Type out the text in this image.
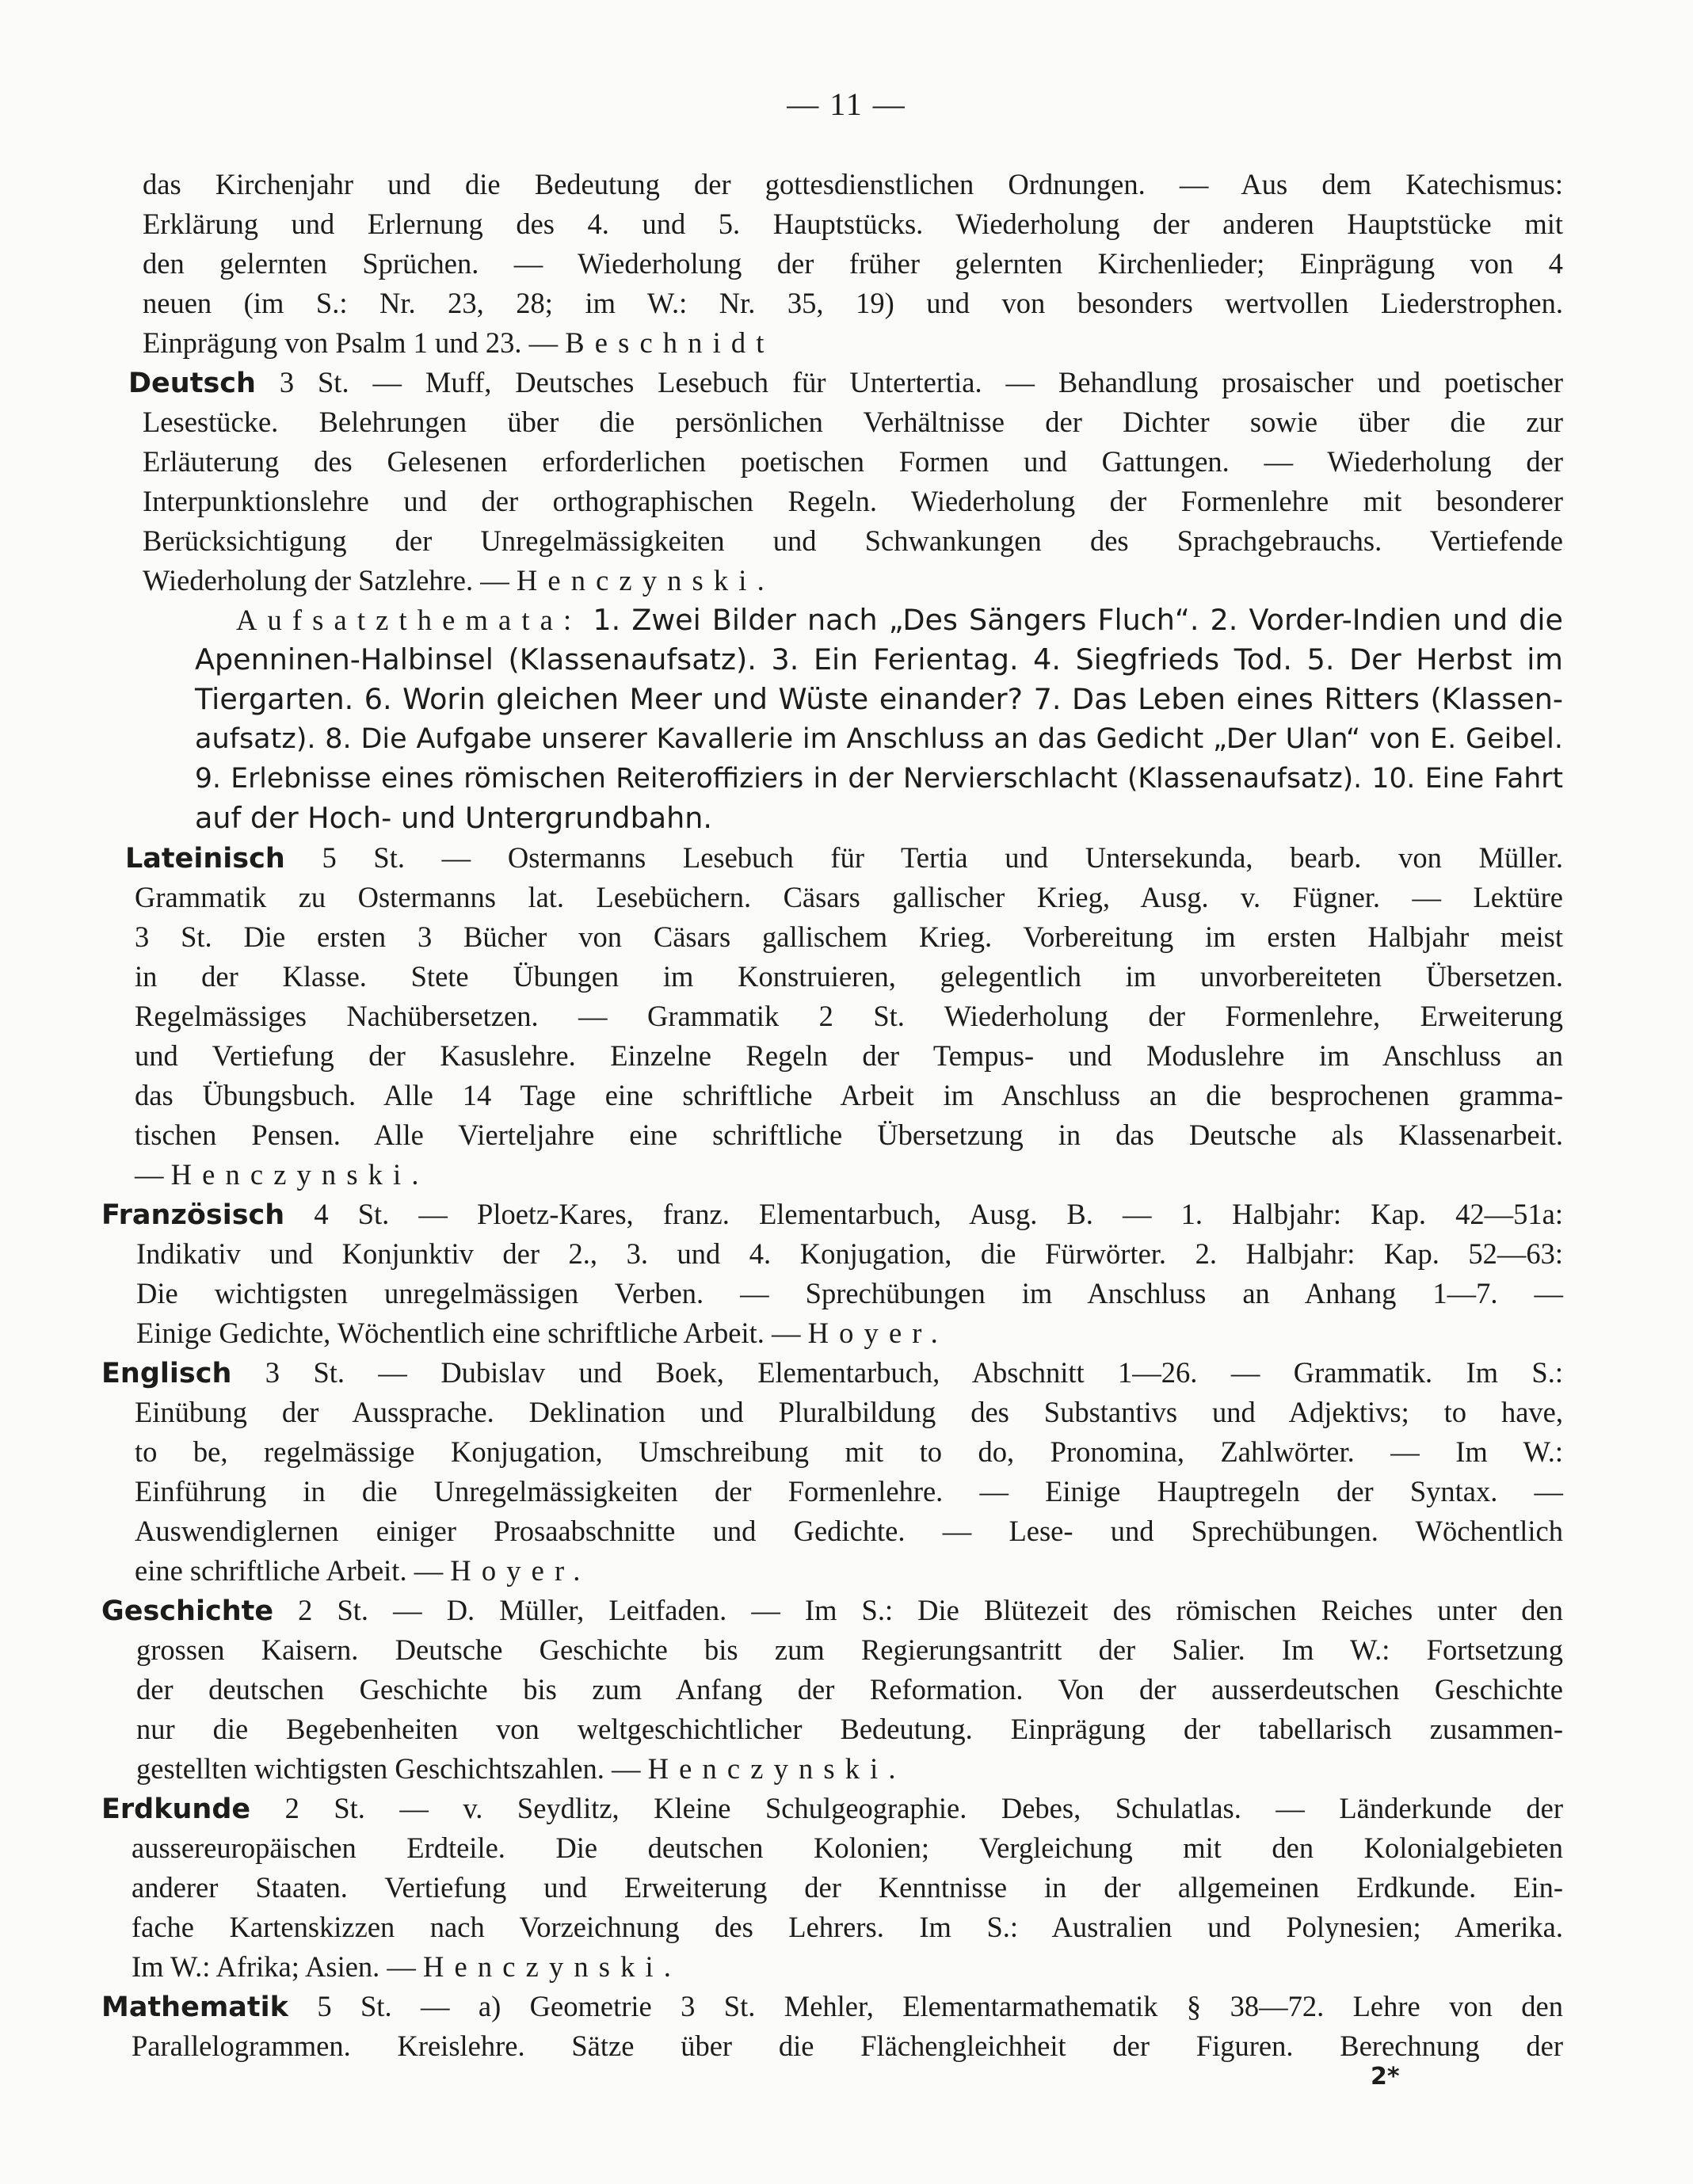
— 11 —
das Kirchenjahr und die Bedeutung der gottesdienstlichen Ordnungen. — Aus dem Katechismus:
Erklärung und Erlernung des 4. und 5. Hauptstücks. Wiederholung der anderen Hauptstücke mit
den gelernten Sprüchen. — Wiederholung der früher gelernten Kirchenlieder; Einprägung von 4
neuen (im S.: Nr. 23, 28; im W.: Nr. 35, 19) und von besonders wertvollen Liederstrophen.
Einprägung von Psalm 1 und 23. — Beschnidt
Deutsch 3 St. — Muff, Deutsches Lesebuch für Untertertia. — Behandlung prosaischer und poetischer
Lesestücke. Belehrungen über die persönlichen Verhältnisse der Dichter sowie über die zur
Erläuterung des Gelesenen erforderlichen poetischen Formen und Gattungen. — Wiederholung der
Interpunktionslehre und der orthographischen Regeln. Wiederholung der Formenlehre mit besonderer
Berücksichtigung der Unregelmässigkeiten und Schwankungen des Sprachgebrauchs. Vertiefende
Wiederholung der Satzlehre. — Henczynski.
Aufsatzthemata: 1. Zwei Bilder nach „Des Sängers Fluch“. 2. Vorder-Indien und die
Apenninen-Halbinsel (Klassenaufsatz). 3. Ein Ferientag. 4. Siegfrieds Tod. 5. Der Herbst im
Tiergarten. 6. Worin gleichen Meer und Wüste einander? 7. Das Leben eines Ritters (Klassen-
aufsatz). 8. Die Aufgabe unserer Kavallerie im Anschluss an das Gedicht „Der Ulan“ von E. Geibel.
9. Erlebnisse eines römischen Reiteroffiziers in der Nervierschlacht (Klassenaufsatz). 10. Eine Fahrt
auf der Hoch- und Untergrundbahn.
Lateinisch 5 St. — Ostermanns Lesebuch für Tertia und Untersekunda, bearb. von Müller.
Grammatik zu Ostermanns lat. Lesebüchern. Cäsars gallischer Krieg, Ausg. v. Fügner. — Lektüre
3 St. Die ersten 3 Bücher von Cäsars gallischem Krieg. Vorbereitung im ersten Halbjahr meist
in der Klasse. Stete Übungen im Konstruieren, gelegentlich im unvorbereiteten Übersetzen.
Regelmässiges Nachübersetzen. — Grammatik 2 St. Wiederholung der Formenlehre, Erweiterung
und Vertiefung der Kasuslehre. Einzelne Regeln der Tempus- und Moduslehre im Anschluss an
das Übungsbuch. Alle 14 Tage eine schriftliche Arbeit im Anschluss an die besprochenen gramma-
tischen Pensen. Alle Vierteljahre eine schriftliche Übersetzung in das Deutsche als Klassenarbeit.
— Henczynski.
Französisch 4 St. — Ploetz-Kares, franz. Elementarbuch, Ausg. B. — 1. Halbjahr: Kap. 42—51a:
Indikativ und Konjunktiv der 2., 3. und 4. Konjugation, die Fürwörter. 2. Halbjahr: Kap. 52—63:
Die wichtigsten unregelmässigen Verben. — Sprechübungen im Anschluss an Anhang 1—7. —
Einige Gedichte, Wöchentlich eine schriftliche Arbeit. — Hoyer.
Englisch 3 St. — Dubislav und Boek, Elementarbuch, Abschnitt 1—26. — Grammatik. Im S.:
Einübung der Aussprache. Deklination und Pluralbildung des Substantivs und Adjektivs; to have,
to be, regelmässige Konjugation, Umschreibung mit to do, Pronomina, Zahlwörter. — Im W.:
Einführung in die Unregelmässigkeiten der Formenlehre. — Einige Hauptregeln der Syntax. —
Auswendiglernen einiger Prosaabschnitte und Gedichte. — Lese- und Sprechübungen. Wöchentlich
eine schriftliche Arbeit. — Hoyer.
Geschichte 2 St. — D. Müller, Leitfaden. — Im S.: Die Blütezeit des römischen Reiches unter den
grossen Kaisern. Deutsche Geschichte bis zum Regierungsantritt der Salier. Im W.: Fortsetzung
der deutschen Geschichte bis zum Anfang der Reformation. Von der ausserdeutschen Geschichte
nur die Begebenheiten von weltgeschichtlicher Bedeutung. Einprägung der tabellarisch zusammen-
gestellten wichtigsten Geschichtszahlen. — Henczynski.
Erdkunde 2 St. — v. Seydlitz, Kleine Schulgeographie. Debes, Schulatlas. — Länderkunde der
aussereuropäischen Erdteile. Die deutschen Kolonien; Vergleichung mit den Kolonialgebieten
anderer Staaten. Vertiefung und Erweiterung der Kenntnisse in der allgemeinen Erdkunde. Ein-
fache Kartenskizzen nach Vorzeichnung des Lehrers. Im S.: Australien und Polynesien; Amerika.
Im W.: Afrika; Asien. — Henczynski.
Mathematik 5 St. — a) Geometrie 3 St. Mehler, Elementarmathematik § 38—72. Lehre von den
Parallelogrammen. Kreislehre. Sätze über die Flächengleichheit der Figuren. Berechnung der
2*
